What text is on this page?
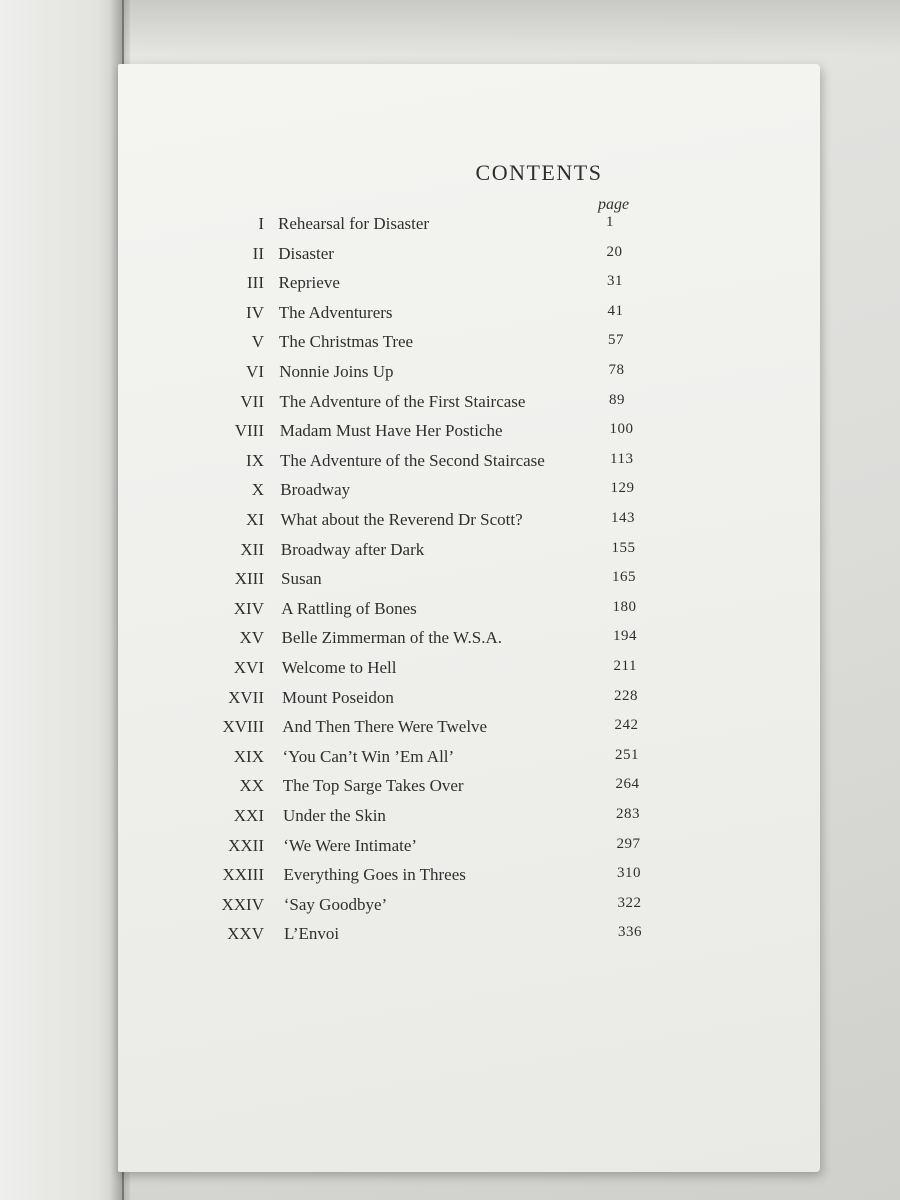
CONTENTS
page
I Rehearsal for Disaster	1
II Disaster	20
III Reprieve	31
IV The Adventurers	41
V The Christmas Tree	57
VI Nonnie Joins Up	78
VII The Adventure of the First Staircase	89
VIII Madam Must Have Her Postiche	100
IX The Adventure of the Second Staircase	113
X Broadway	129
XI What about the Reverend Dr Scott?	143
XII Broadway after Dark	155
XIII Susan	165
XIV A Rattling of Bones	180
XV Belle Zimmerman of the W.S.A.	194
XVI Welcome to Hell	211
XVII Mount Poseidon	228
XVIII And Then There Were Twelve	242
XIX ‘You Can’t Win ’Em All’	251
XX The Top Sarge Takes Over	264
XXI Under the Skin	283
XXII ‘We Were Intimate’	297
XXIII Everything Goes in Threes	310
XXIV ‘Say Goodbye’	322
XXV L’Envoi	336
